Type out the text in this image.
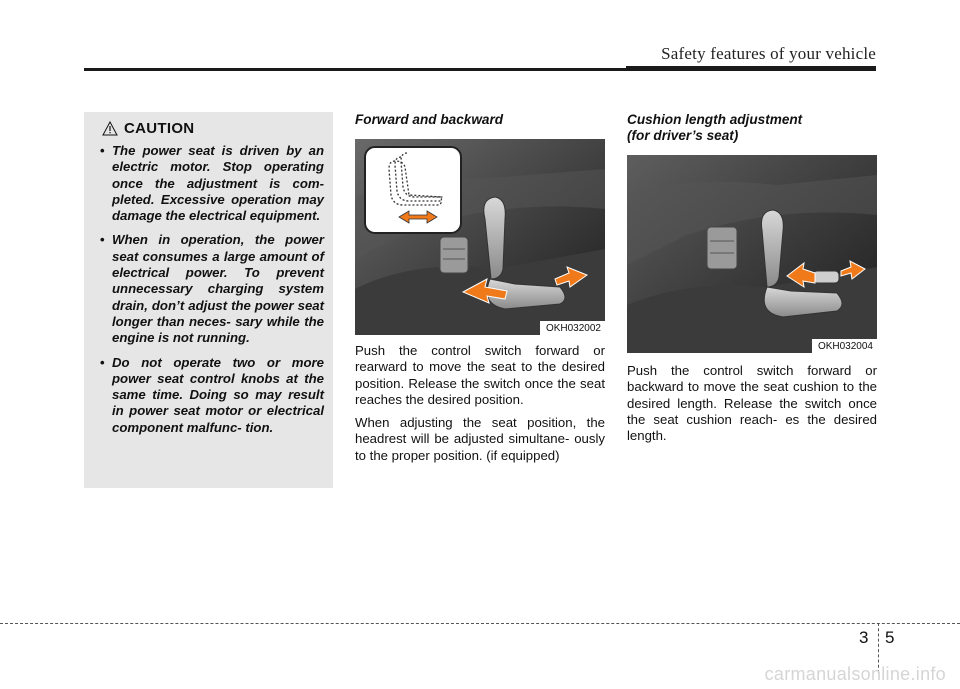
Safety features of your vehicle
CAUTION
• The power seat is driven by an electric motor. Stop operating once the adjustment is com- pleted. Excessive operation may damage the electrical equipment.
• When in operation, the power seat consumes a large amount of electrical power. To prevent unnecessary charging system drain, don’t adjust the power seat longer than neces- sary while the engine is not running.
• Do not operate two or more power seat control knobs at the same time. Doing so may result in power seat motor or electrical component malfunc- tion.

Forward and backward

OKH032002

Push the control switch forward or rearward to move the seat to the desired position. Release the switch once the seat reaches the desired position.

When adjusting the seat position, the headrest will be adjusted simultane- ously to the proper position. (if equipped)

Cushion length adjustment
(for driver’s seat)

OKH032004

Push the control switch forward or backward to move the seat cushion to the desired length. Release the switch once the seat cushion reach- es the desired length.

3 5
carmanualsonline.info
